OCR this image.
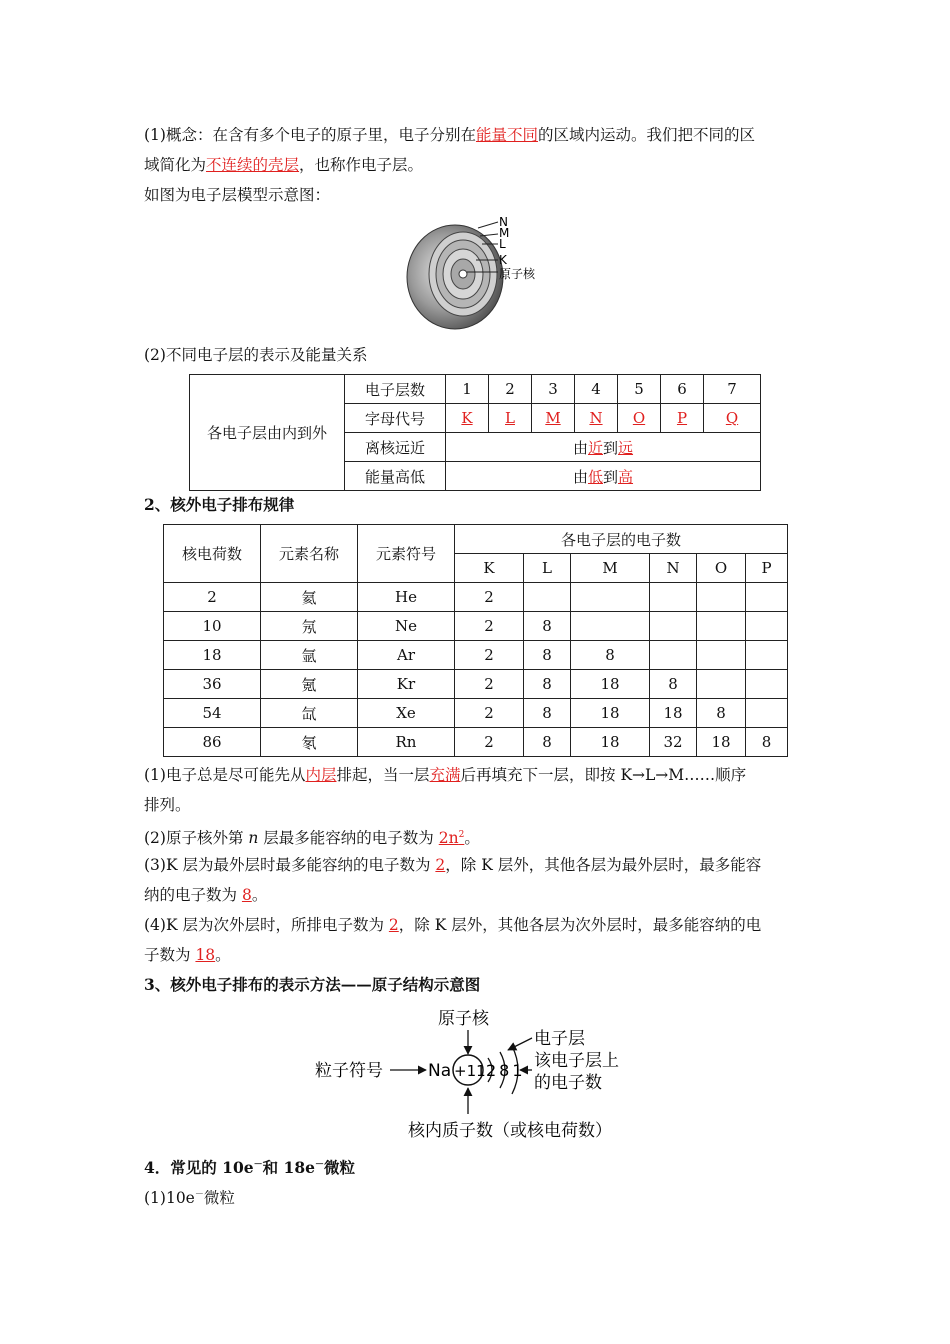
(1)概念：在含有多个电子的原子里，电子分别在能量不同的区域内运动。我们把不同的区
域简化为不连续的壳层，也称作电子层。
如图为电子层模型示意图：
N
M
L
K
原子核
(2)不同电子层的表示及能量关系
各电子层由内到外	电子层数	1	2	3	4	5	6	7
	字母代号	K	L	M	N	O	P	Q
	离核远近	由近到远						
	能量高低	由低到高						
2、核外电子排布规律
核电荷数	元素名称	元素符号	各电子层的电子数					
			K	L	M	N	O	P
2	氦	He	2					
10	氖	Ne	2	8				
18	氩	Ar	2	8	8			
36	氪	Kr	2	8	18	8		
54	氙	Xe	2	8	18	18	8	
86	氡	Rn	2	8	18	32	18	8
(1)电子总是尽可能先从内层排起，当一层充满后再填充下一层，即按 K→L→M……顺序
排列。
(2)原子核外第 n 层最多能容纳的电子数为 $2n^2$。
(3)K 层为最外层时最多能容纳的电子数为 2，除 K 层外，其他各层为最外层时，最多能容
纳的电子数为 8。
(4)K 层为次外层时，所排电子数为 2，除 K 层外，其他各层为次外层时，最多能容纳的电
子数为 18。
3、核外电子排布的表示方法——原子结构示意图
原子核
粒子符号	Na +11 281
电子层
该电子层上
的电子数
核内质子数（或核电荷数）
4．常见的 10e－和 18e－微粒
(1)10e－微粒
